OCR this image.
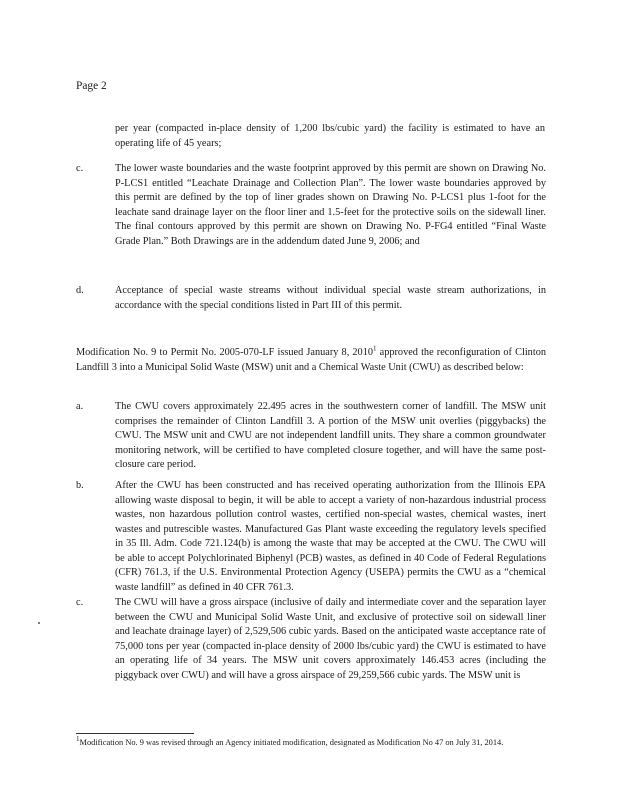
Page 2

per year (compacted in-place density of 1,200 lbs/cubic yard) the facility is estimated to have an operating life of 45 years;

c.	The lower waste boundaries and the waste footprint approved by this permit are shown on Drawing No. P-LCS1 entitled “Leachate Drainage and Collection Plan”. The lower waste boundaries approved by this permit are defined by the top of liner grades shown on Drawing No. P-LCS1 plus 1-foot for the leachate sand drainage layer on the floor liner and 1.5-feet for the protective soils on the sidewall liner. The final contours approved by this permit are shown on Drawing No. P-FG4 entitled “Final Waste Grade Plan.” Both Drawings are in the addendum dated June 9, 2006; and

d.	Acceptance of special waste streams without individual special waste stream authorizations, in accordance with the special conditions listed in Part III of this permit.

Modification No. 9 to Permit No. 2005-070-LF issued January 8, 2010$^1$ approved the reconfiguration of Clinton Landfill 3 into a Municipal Solid Waste (MSW) unit and a Chemical Waste Unit (CWU) as described below:

a.	The CWU covers approximately 22.495 acres in the southwestern corner of landfill. The MSW unit comprises the remainder of Clinton Landfill 3. A portion of the MSW unit overlies (piggybacks) the CWU. The MSW unit and CWU are not independent landfill units. They share a common groundwater monitoring network, will be certified to have completed closure together, and will have the same post-closure care period.

b.	After the CWU has been constructed and has received operating authorization from the Illinois EPA allowing waste disposal to begin, it will be able to accept a variety of non-hazardous industrial process wastes, non hazardous pollution control wastes, certified non-special wastes, chemical wastes, inert wastes and putrescible wastes. Manufactured Gas Plant waste exceeding the regulatory levels specified in 35 Ill. Adm. Code 721.124(b) is among the waste that may be accepted at the CWU. The CWU will be able to accept Polychlorinated Biphenyl (PCB) wastes, as defined in 40 Code of Federal Regulations (CFR) 761.3, if the U.S. Environmental Protection Agency (USEPA) permits the CWU as a “chemical waste landfill” as defined in 40 CFR 761.3.

c.	The CWU will have a gross airspace (inclusive of daily and intermediate cover and the separation layer between the CWU and Municipal Solid Waste Unit, and exclusive of protective soil on sidewall liner and leachate drainage layer) of 2,529,506 cubic yards. Based on the anticipated waste acceptance rate of 75,000 tons per year (compacted in-place density of 2000 lbs/cubic yard) the CWU is estimated to have an operating life of 34 years. The MSW unit covers approximately 146.453 acres (including the piggyback over CWU) and will have a gross airspace of 29,259,566 cubic yards. The MSW unit is

$^1$Modification No. 9 was revised through an Agency initiated modification, designated as Modification No 47 on July 31, 2014.
